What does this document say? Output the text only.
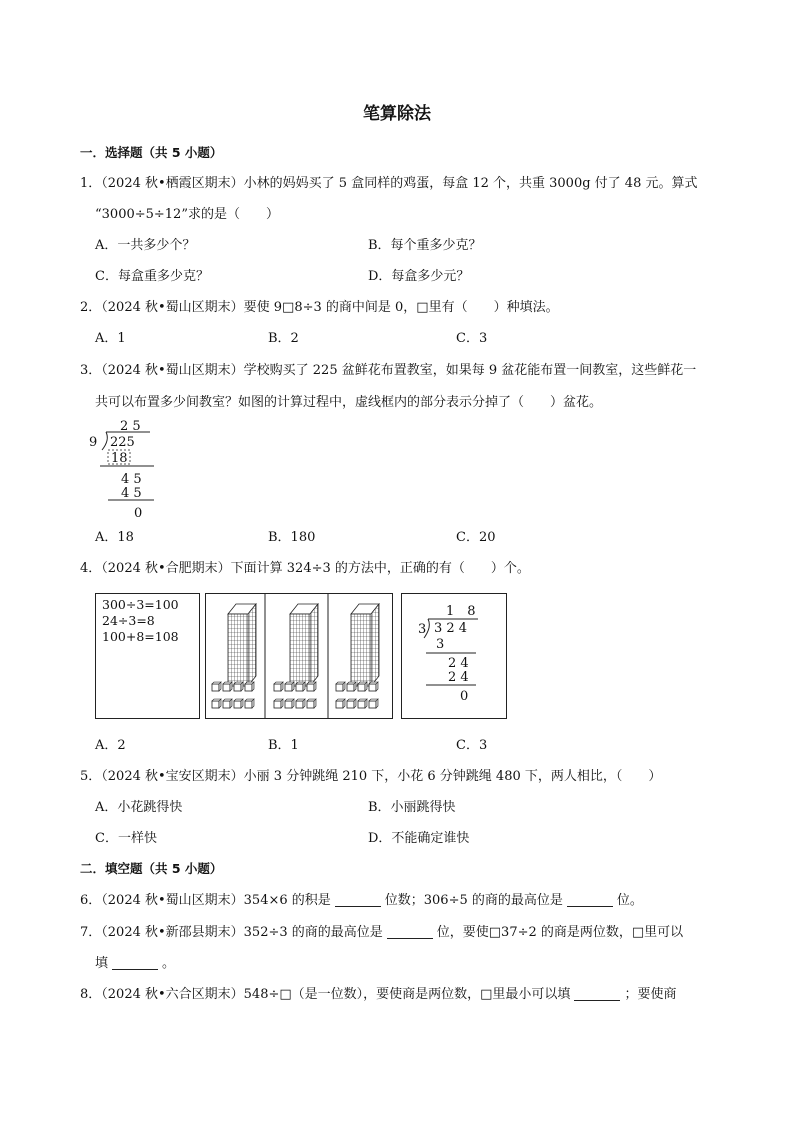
笔算除法
一．选择题（共 5 小题）
1．（2024 秋•栖霞区期末）小林的妈妈买了 5 盒同样的鸡蛋，每盒 12 个，共重 3000g 付了 48 元。算式
“3000÷5÷12”求的是（　　）
A．一共多少个？	B．每个重多少克？
C．每盒重多少克？	D．每盒多少元？
2．（2024 秋•蜀山区期末）要使 9□8÷3 的商中间是 0，□里有（　　）种填法。
A．1	B．2	C．3
3．（2024 秋•蜀山区期末）学校购买了 225 盆鲜花布置教室，如果每 9 盆花能布置一间教室，这些鲜花一
共可以布置多少间教室？如图的计算过程中，虚线框内的部分表示分掉了（　　）盆花。
2 5
9 225
18
4 5
4 5
0
A．18	B．180	C．20
4．（2024 秋•合肥期末）下面计算 324÷3 的方法中，正确的有（　　）个。
300÷3=100
24÷3=8
100+8=108
1　8
3 3 2 4
3
2 4
2 4
0
A．2	B．1	C．3
5．（2024 秋•宝安区期末）小丽 3 分钟跳绳 210 下，小花 6 分钟跳绳 480 下，两人相比，（　　）
A．小花跳得快	B．小丽跳得快
C．一样快	D．不能确定谁快
二．填空题（共 5 小题）
6．（2024 秋•蜀山区期末）354×6 的积是	位数；306÷5 的商的最高位是	位。
7．（2024 秋•新邵县期末）352÷3 的商的最高位是	位，要使□37÷2 的商是两位数，□里可以
填	。
8．（2024 秋•六合区期末）548÷□（是一位数），要使商是两位数，□里最小可以填	；要使商
